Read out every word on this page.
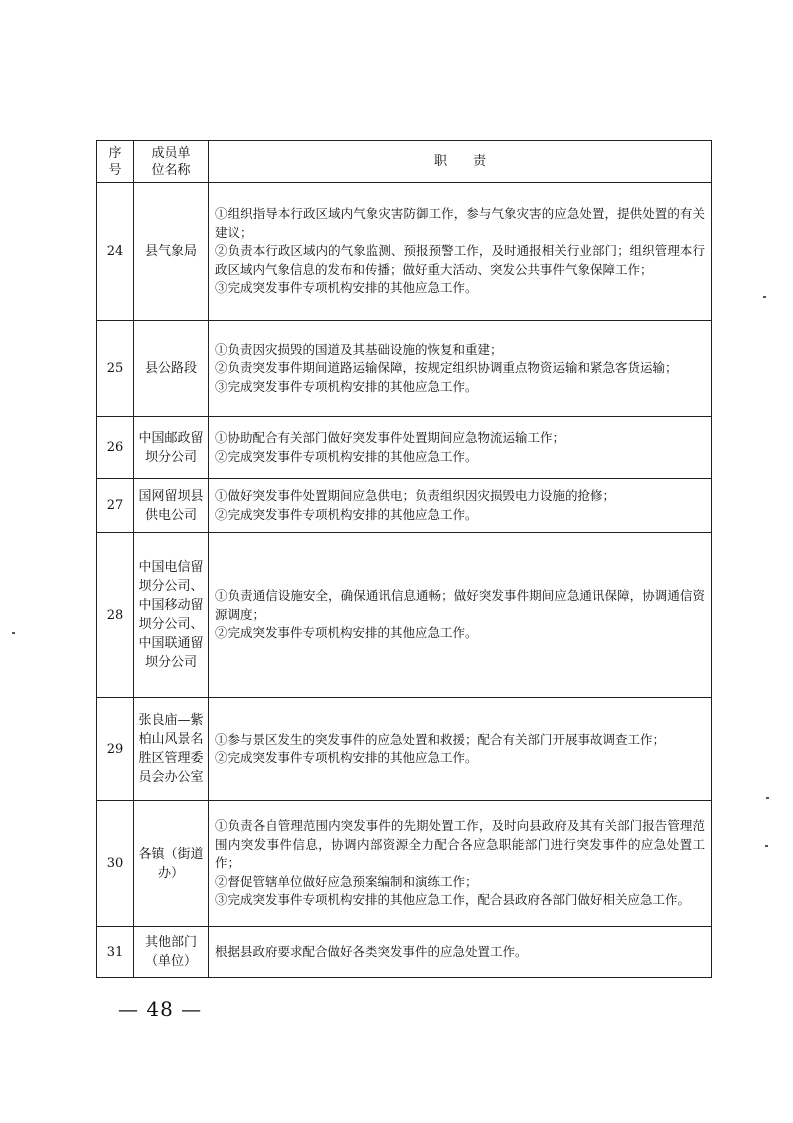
序号	成员单位名称	职　　责
24	县气象局	①组织指导本行政区域内气象灾害防御工作，参与气象灾害的应急处置，提供处置的有关建议；

②负责本行政区域内的气象监测、预报预警工作，及时通报相关行业部门；组织管理本行政区域内气象信息的发布和传播；做好重大活动、突发公共事件气象保障工作；

③完成突发事件专项机构安排的其他应急工作。

25	县公路段	①负责因灾损毁的国道及其基础设施的恢复和重建；

②负责突发事件期间道路运输保障，按规定组织协调重点物资运输和紧急客货运输；

③完成突发事件专项机构安排的其他应急工作。

26	中国邮政留坝分公司	①协助配合有关部门做好突发事件处置期间应急物流运输工作；

②完成突发事件专项机构安排的其他应急工作。

27	国网留坝县供电公司	①做好突发事件处置期间应急供电；负责组织因灾损毁电力设施的抢修；

②完成突发事件专项机构安排的其他应急工作。

28	中国电信留坝分公司、中国移动留坝分公司、中国联通留坝分公司	①负责通信设施安全，确保通讯信息通畅；做好突发事件期间应急通讯保障，协调通信资源调度；

②完成突发事件专项机构安排的其他应急工作。

29	张良庙—紫柏山风景名胜区管理委员会办公室	①参与景区发生的突发事件的应急处置和救援；配合有关部门开展事故调查工作；

②完成突发事件专项机构安排的其他应急工作。

30	各镇（街道办）	①负责各自管理范围内突发事件的先期处置工作，及时向县政府及其有关部门报告管理范围内突发事件信息，协调内部资源全力配合各应急职能部门进行突发事件的应急处置工作；

②督促管辖单位做好应急预案编制和演练工作；

③完成突发事件专项机构安排的其他应急工作，配合县政府各部门做好相关应急工作。

31	其他部门（单位）	根据县政府要求配合做好各类突发事件的应急处置工作。

— 48 —
